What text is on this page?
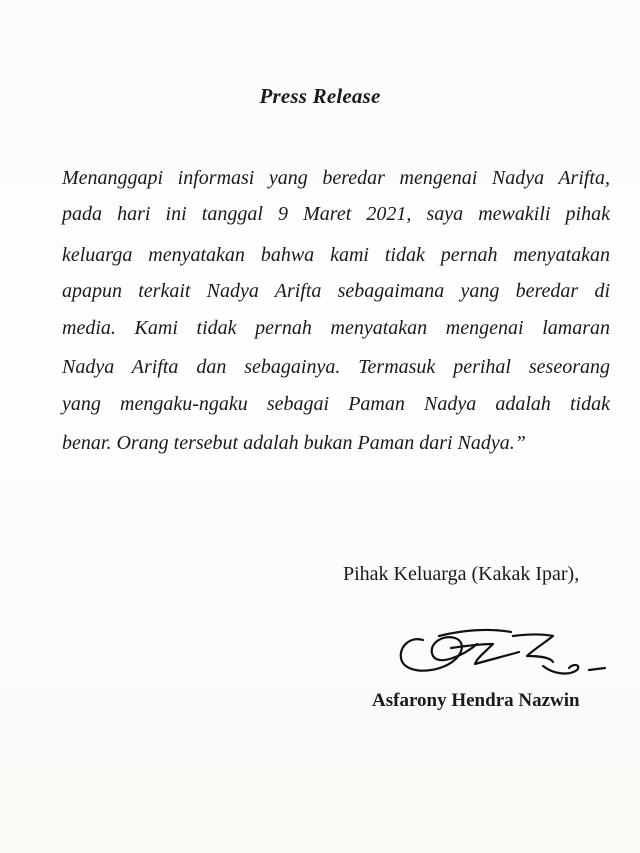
Press Release
Menanggapi informasi yang beredar mengenai Nadya Arifta,
pada hari ini tanggal 9 Maret 2021, saya mewakili pihak
keluarga menyatakan bahwa kami tidak pernah menyatakan
apapun terkait Nadya Arifta sebagaimana yang beredar di
media. Kami tidak pernah menyatakan mengenai lamaran
Nadya Arifta dan sebagainya. Termasuk perihal seseorang
yang mengaku-ngaku sebagai Paman Nadya adalah tidak
benar. Orang tersebut adalah bukan Paman dari Nadya.”
Pihak Keluarga (Kakak Ipar),
Asfarony Hendra Nazwin
